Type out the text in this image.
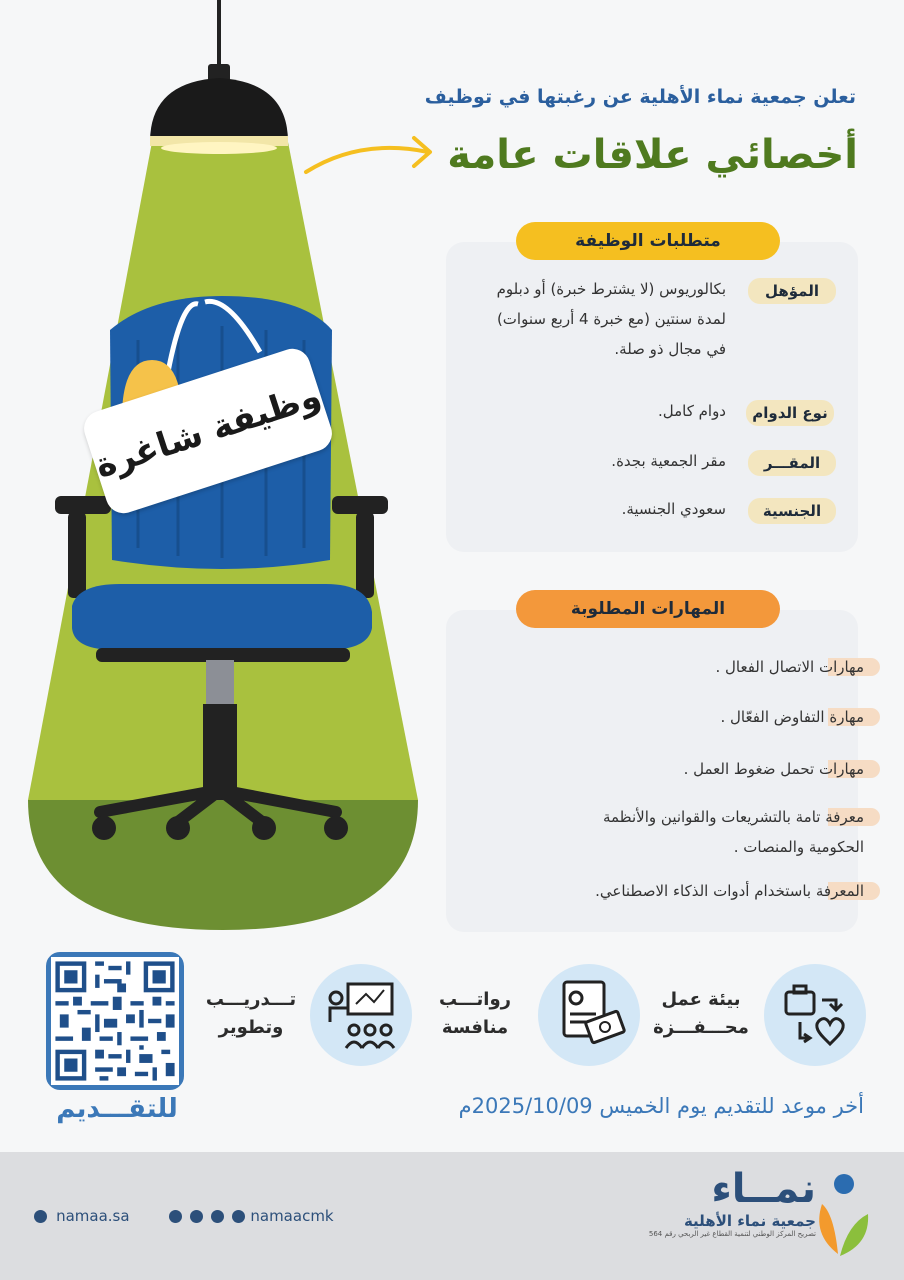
وظيفة شاغرة
تعلن جمعية نماء الأهلية عن رغبتها في توظيف
أخصائي علاقات عامة
متطلبات الوظيفة
المؤهل
بكالوريوس (لا يشترط خبرة) أو دبلوم
لمدة سنتين (مع خبرة 4 أربع سنوات)
في مجال ذو صلة.
نوع الدوام
دوام كامل.
المقـــر
مقر الجمعية بجدة.
الجنسية
سعودي الجنسية.
المهارات المطلوبة
مهارات الاتصال الفعال .
مهارة التفاوض الفعّال .
مهارات تحمل ضغوط العمل .
معرفة تامة بالتشريعات والقوانين والأنظمة
الحكومية والمنصات .
المعرفة باستخدام أدوات الذكاء الاصطناعي.
بيئة عمل
محـــفـــزة
رواتـــب
منافسة
تـــدريـــب
وتطوير
للتقـــديم	أخر موعد للتقديم يوم الخميس 2025/10/09م
namaa.sa	namaacmk
نمــاء
جمعية نماء الأهلية
تصريح المركز الوطني لتنمية القطاع غير الربحي رقم 564
